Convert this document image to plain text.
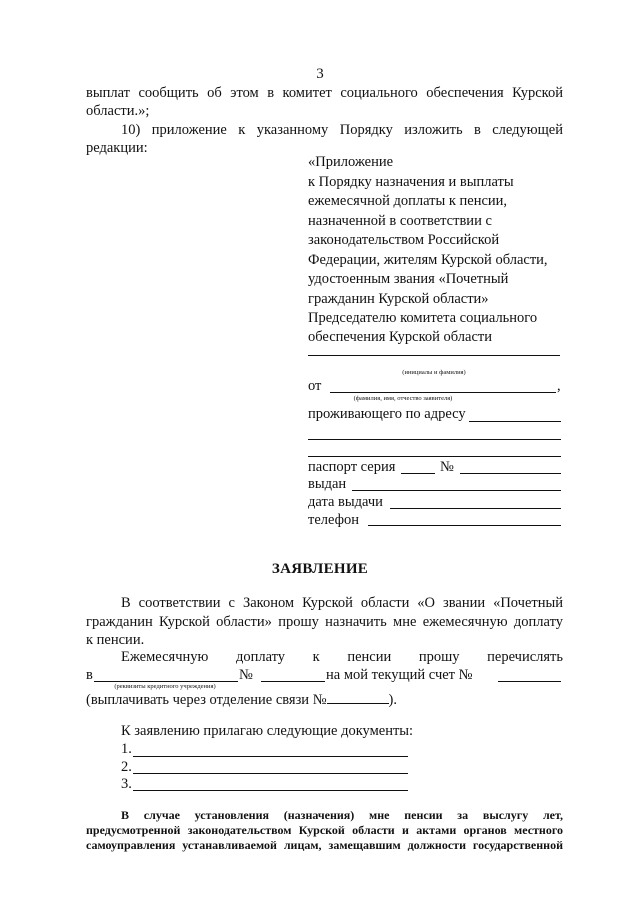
3
выплат сообщить об этом в комитет социального обеспечения Курской
области.»;
10) приложение к указанному Порядку изложить в следующей
редакции:
«Приложение
к Порядку назначения и выплаты
ежемесячной доплаты к пенсии,
назначенной в соответствии с
законодательством Российской
Федерации, жителям Курской области,
удостоенным звания «Почетный
гражданин Курской области»
Председателю комитета социального
обеспечения Курской области
(инициалы и фамилия)
от	,
(фамилия, имя, отчество заявителя)
проживающего по адресу
паспорт серия	№
выдан
дата выдачи
телефон
ЗАЯВЛЕНИЕ
В соответствии с Законом Курской области «О звании «Почетный
гражданин Курской области» прошу назначить мне ежемесячную доплату
к пенсии.
Ежемесячную доплату к пенсии прошу перечислять
в	№	на мой текущий счет №
(реквизиты кредитного учреждения)
(выплачивать через отделение связи №	).
К заявлению прилагаю следующие документы:
1.
2.
3.
В случае установления (назначения) мне пенсии за выслугу лет,
предусмотренной законодательством Курской области и актами органов местного
самоуправления устанавливаемой лицам, замещавшим должности государственной
